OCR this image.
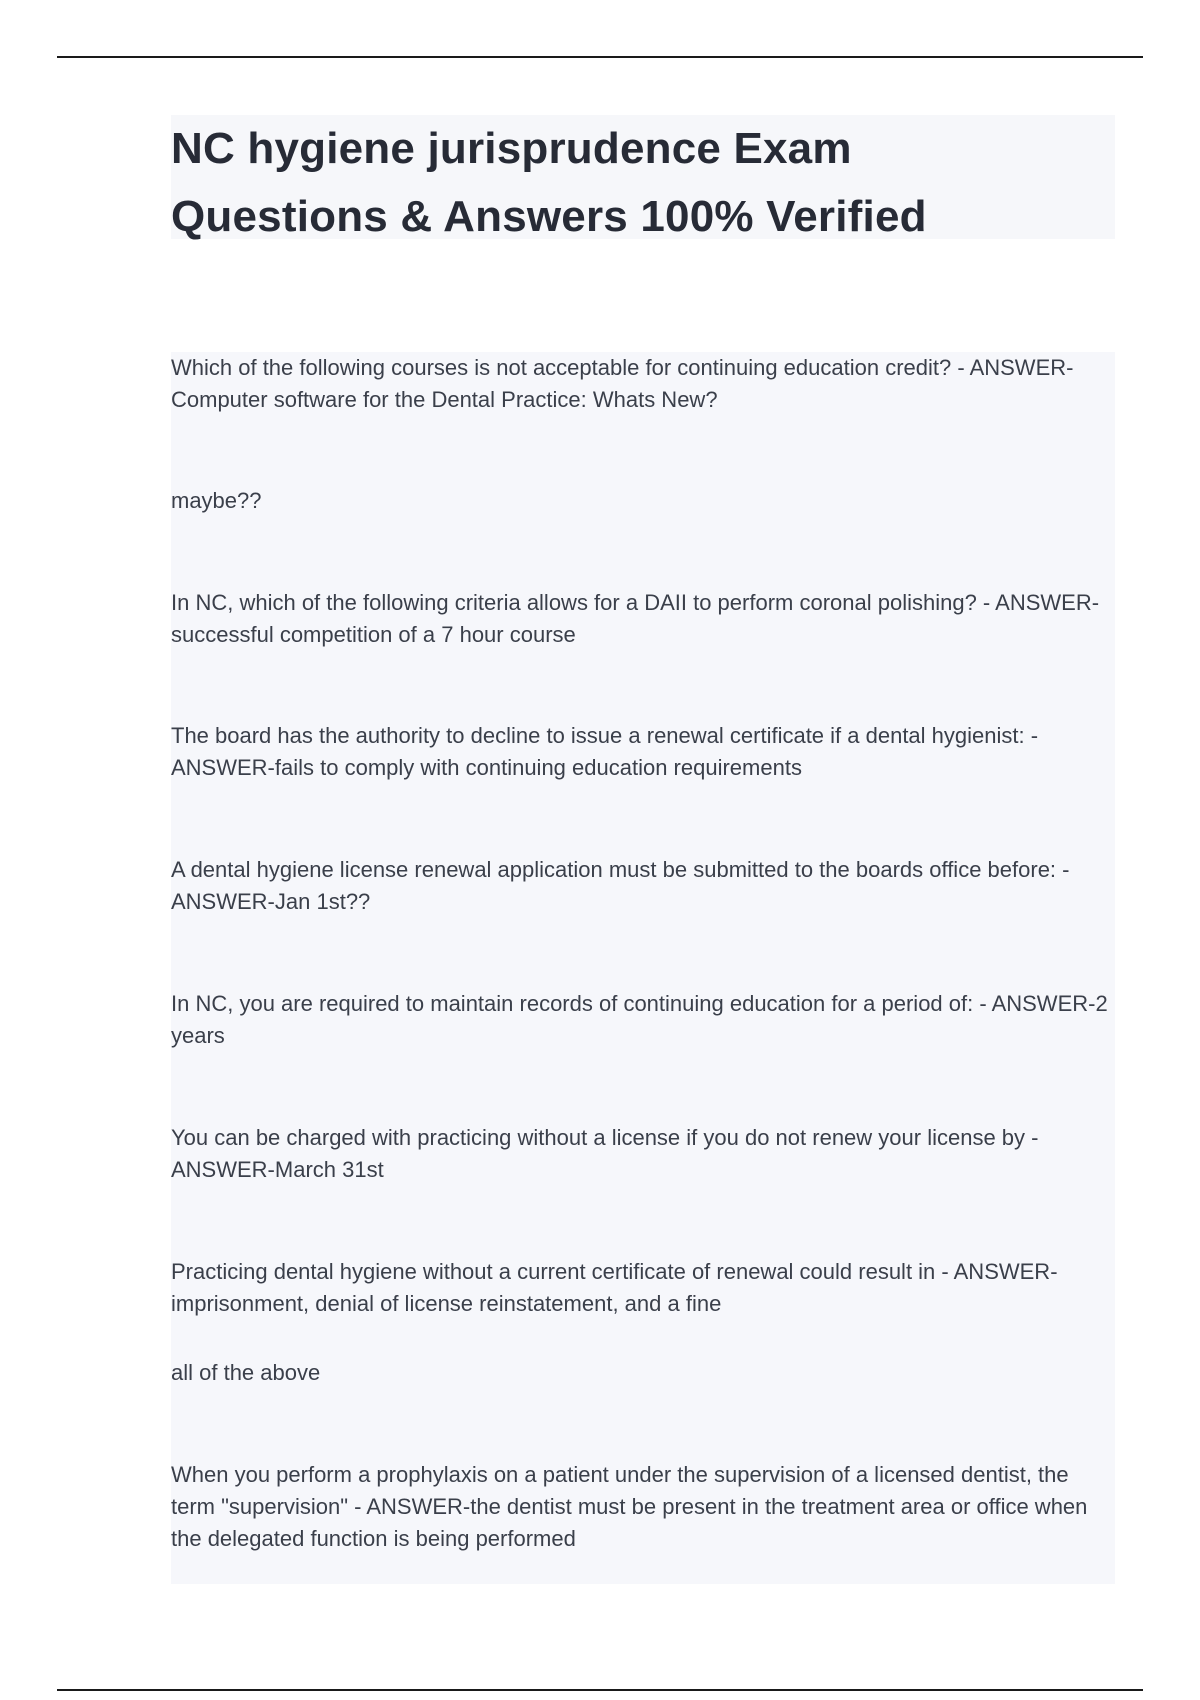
NC hygiene jurisprudence Exam
Questions & Answers 100% Verified

Which of the following courses is not acceptable for continuing education credit? - ANSWER-Computer software for the Dental Practice: Whats New?

maybe??

In NC, which of the following criteria allows for a DAII to perform coronal polishing? - ANSWER-successful competition of a 7 hour course

The board has the authority to decline to issue a renewal certificate if a dental hygienist: - ANSWER-fails to comply with continuing education requirements

A dental hygiene license renewal application must be submitted to the boards office before: - ANSWER-Jan 1st??

In NC, you are required to maintain records of continuing education for a period of: - ANSWER-2 years

You can be charged with practicing without a license if you do not renew your license by - ANSWER-March 31st

Practicing dental hygiene without a current certificate of renewal could result in - ANSWER-imprisonment, denial of license reinstatement, and a fine

all of the above

When you perform a prophylaxis on a patient under the supervision of a licensed dentist, the term "supervision" - ANSWER-the dentist must be present in the treatment area or office when the delegated function is being performed
